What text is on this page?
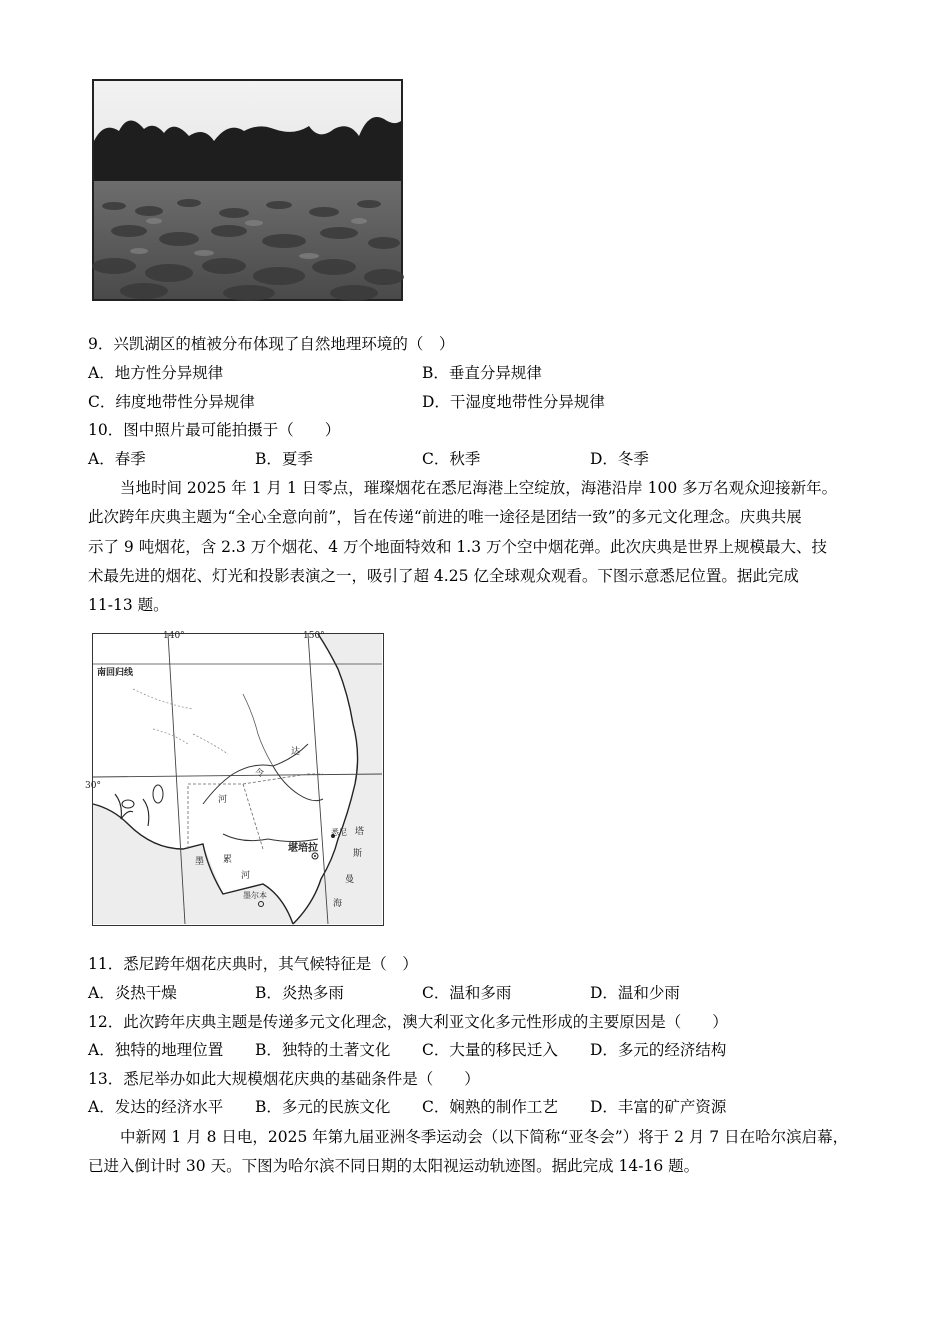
9．兴凯湖区的植被分布体现了自然地理环境的（　）
A．地方性分异规律	B．垂直分异规律
C．纬度地带性分异规律	D．干湿度地带性分异规律
10．图中照片最可能拍摄于（　　）
A．春季	B．夏季	C．秋季	D．冬季
当地时间 2025 年 1 月 1 日零点，璀璨烟花在悉尼海港上空绽放，海港沿岸 100 多万名观众迎接新年。
此次跨年庆典主题为“全心全意向前”，旨在传递“前进的唯一途径是团结一致”的多元文化理念。庆典共展
示了 9 吨烟花，含 2.3 万个烟花、4 万个地面特效和 1.3 万个空中烟花弹。此次庆典是世界上规模最大、技
术最先进的烟花、灯光和投影表演之一，吸引了超 4.25 亿全球观众观看。下图示意悉尼位置。据此完成
11-13 题。
140°	150°
30°
南回归线
达
令
河
墨 累
河
堪培拉
悉尼 塔
斯
曼
海
墨尔本
11．悉尼跨年烟花庆典时，其气候特征是（　）
A．炎热干燥	B．炎热多雨	C．温和多雨	D．温和少雨
12．此次跨年庆典主题是传递多元文化理念，澳大利亚文化多元性形成的主要原因是（　　）
A．独特的地理位置 B．独特的土著文化 C．大量的移民迁入 D．多元的经济结构
13．悉尼举办如此大规模烟花庆典的基础条件是（　　）
A．发达的经济水平 B．多元的民族文化 C．娴熟的制作工艺 D．丰富的矿产资源
中新网 1 月 8 日电，2025 年第九届亚洲冬季运动会（以下简称“亚冬会”）将于 2 月 7 日在哈尔滨启幕，
已进入倒计时 30 天。下图为哈尔滨不同日期的太阳视运动轨迹图。据此完成 14-16 题。
